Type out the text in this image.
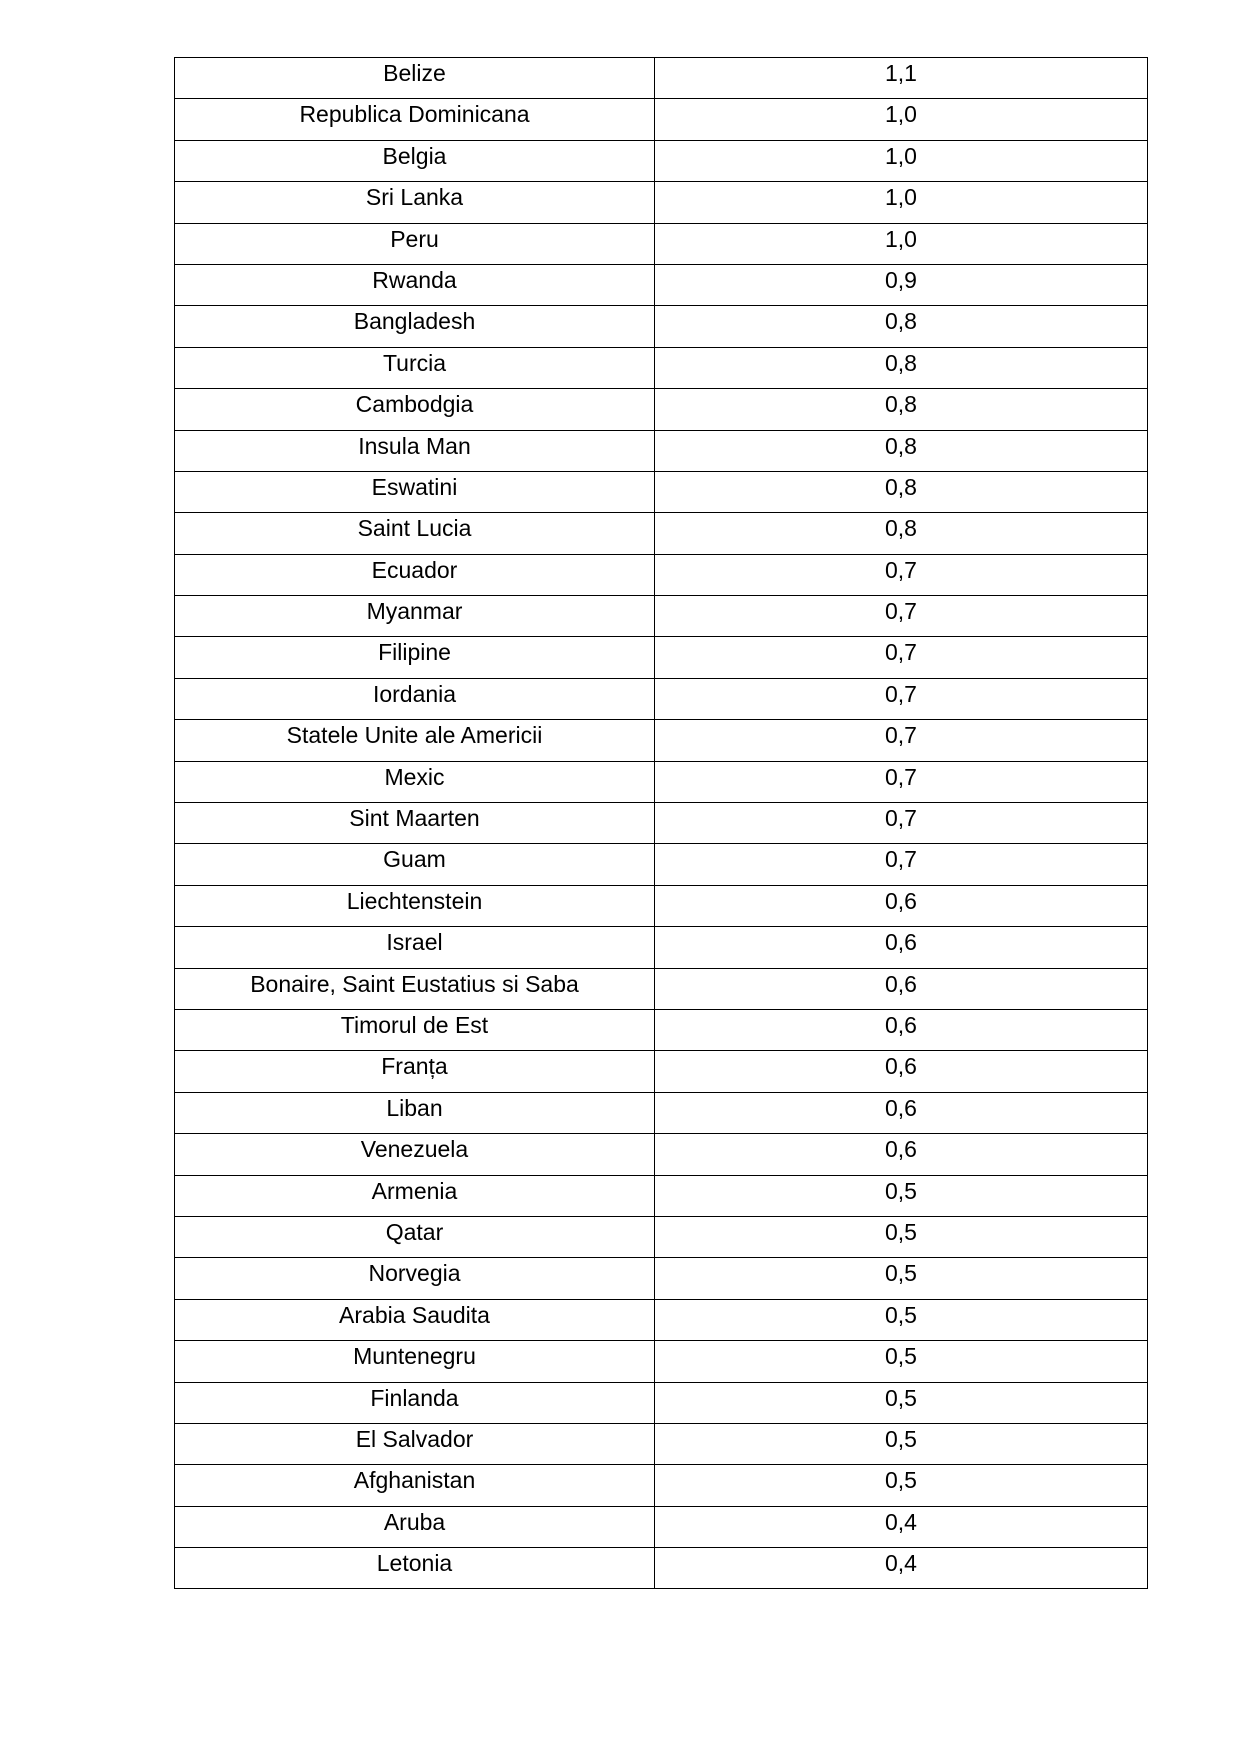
Belize	1,1
Republica Dominicana	1,0
Belgia	1,0
Sri Lanka	1,0
Peru	1,0
Rwanda	0,9
Bangladesh	0,8
Turcia	0,8
Cambodgia	0,8
Insula Man	0,8
Eswatini	0,8
Saint Lucia	0,8
Ecuador	0,7
Myanmar	0,7
Filipine	0,7
Iordania	0,7
Statele Unite ale Americii	0,7
Mexic	0,7
Sint Maarten	0,7
Guam	0,7
Liechtenstein	0,6
Israel	0,6
Bonaire, Saint Eustatius si Saba	0,6
Timorul de Est	0,6
Franța	0,6
Liban	0,6
Venezuela	0,6
Armenia	0,5
Qatar	0,5
Norvegia	0,5
Arabia Saudita	0,5
Muntenegru	0,5
Finlanda	0,5
El Salvador	0,5
Afghanistan	0,5
Aruba	0,4
Letonia	0,4
